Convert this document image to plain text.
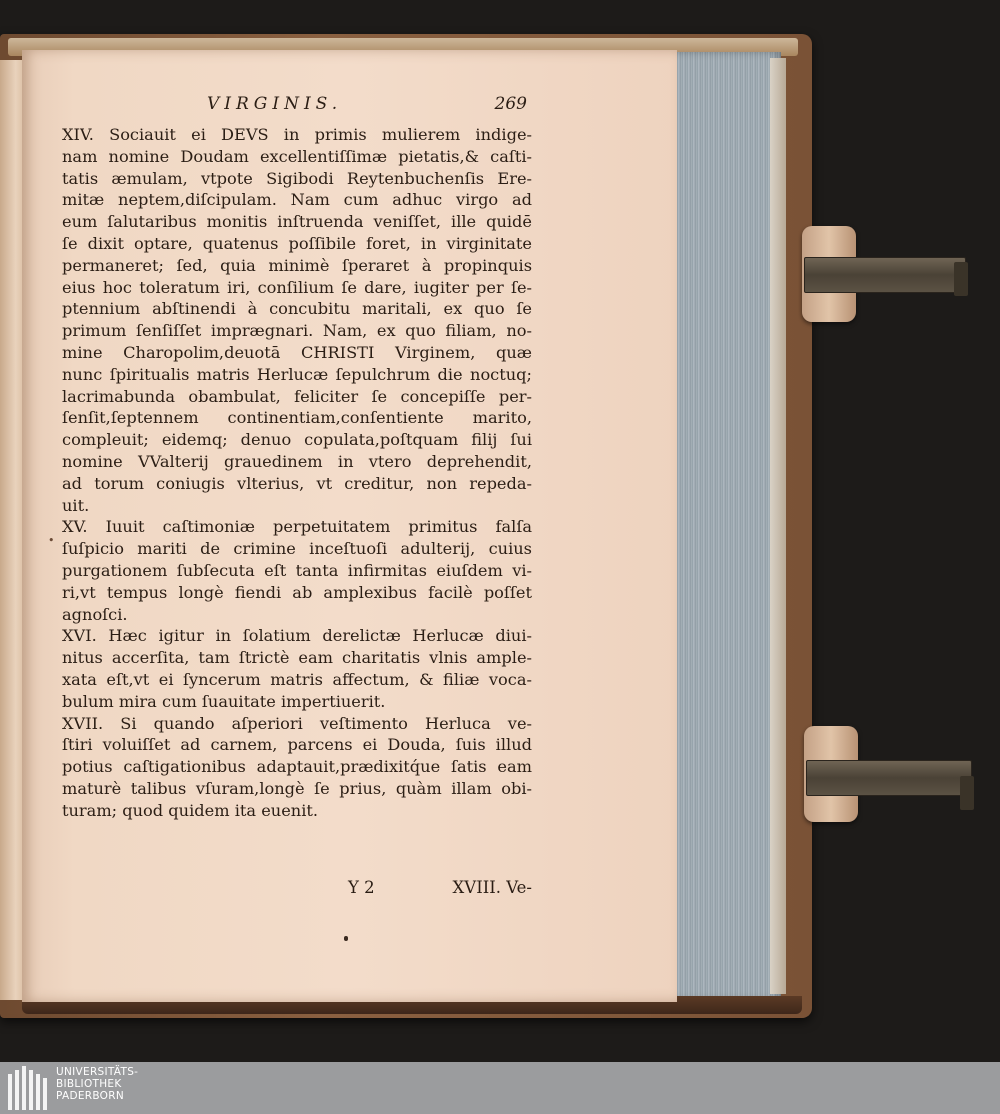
VIRGINIS.	269
XIV. Sociauit ei DEVS in primis mulierem indige-
nam nomine Doudam excellentiſſimæ pietatis,& caſti-
tatis æmulam, vtpote Sigibodi Reytenbuchenſis Ere-
mitæ neptem,diſcipulam. Nam cum adhuc virgo ad
eum ſalutaribus monitis inſtruenda veniſſet, ille quidē
ſe dixit optare, quatenus poſſibile foret, in virginitate
permaneret; ſed, quia minimè ſperaret à propinquis
eius hoc toleratum iri, conſilium ſe dare, iugiter per ſe-
ptennium abſtinendi à concubitu maritali, ex quo ſe
primum ſenſiſſet imprægnari. Nam, ex quo filiam, no-
mine Charopolim,deuotā CHRISTI Virginem, quæ
nunc ſpiritualis matris Herlucæ ſepulchrum die noctuq;
lacrimabunda obambulat, feliciter ſe concepiſſe per-
ſenſit,ſeptennem continentiam,conſentiente marito,
compleuit; eidemq; denuo copulata,poſtquam filij ſui
nomine VValterij grauedinem in vtero deprehendit,
ad torum coniugis vlterius, vt creditur, non repeda-
uit.
XV. Iuuit caſtimoniæ perpetuitatem primitus falſa
ſuſpicio mariti de crimine inceſtuoſi adulterij, cuius
purgationem ſubſecuta eſt tanta infirmitas eiuſdem vi-
ri,vt tempus longè fiendi ab amplexibus facilè poſſet
agnoſci.
XVI. Hæc igitur in ſolatium derelictæ Herlucæ diui-
nitus accerſita, tam ſtrictè eam charitatis vlnis ample-
xata eſt,vt ei ſyncerum matris affectum, & filiæ voca-
bulum mira cum ſuauitate impertiuerit.
XVII. Si quando aſperiori veſtimento Herluca ve-
ſtiri voluiſſet ad carnem, parcens ei Douda, ſuis illud
potius caſtigationibus adaptauit,prædixitq́ue ſatis eam
maturè talibus vſuram,longè ſe prius, quàm illam obi-
turam; quod quidem ita euenit.
•
Y 2	XVIII. Ve-
UNIVERSITÄTS-
BIBLIOTHEK
PADERBORN
